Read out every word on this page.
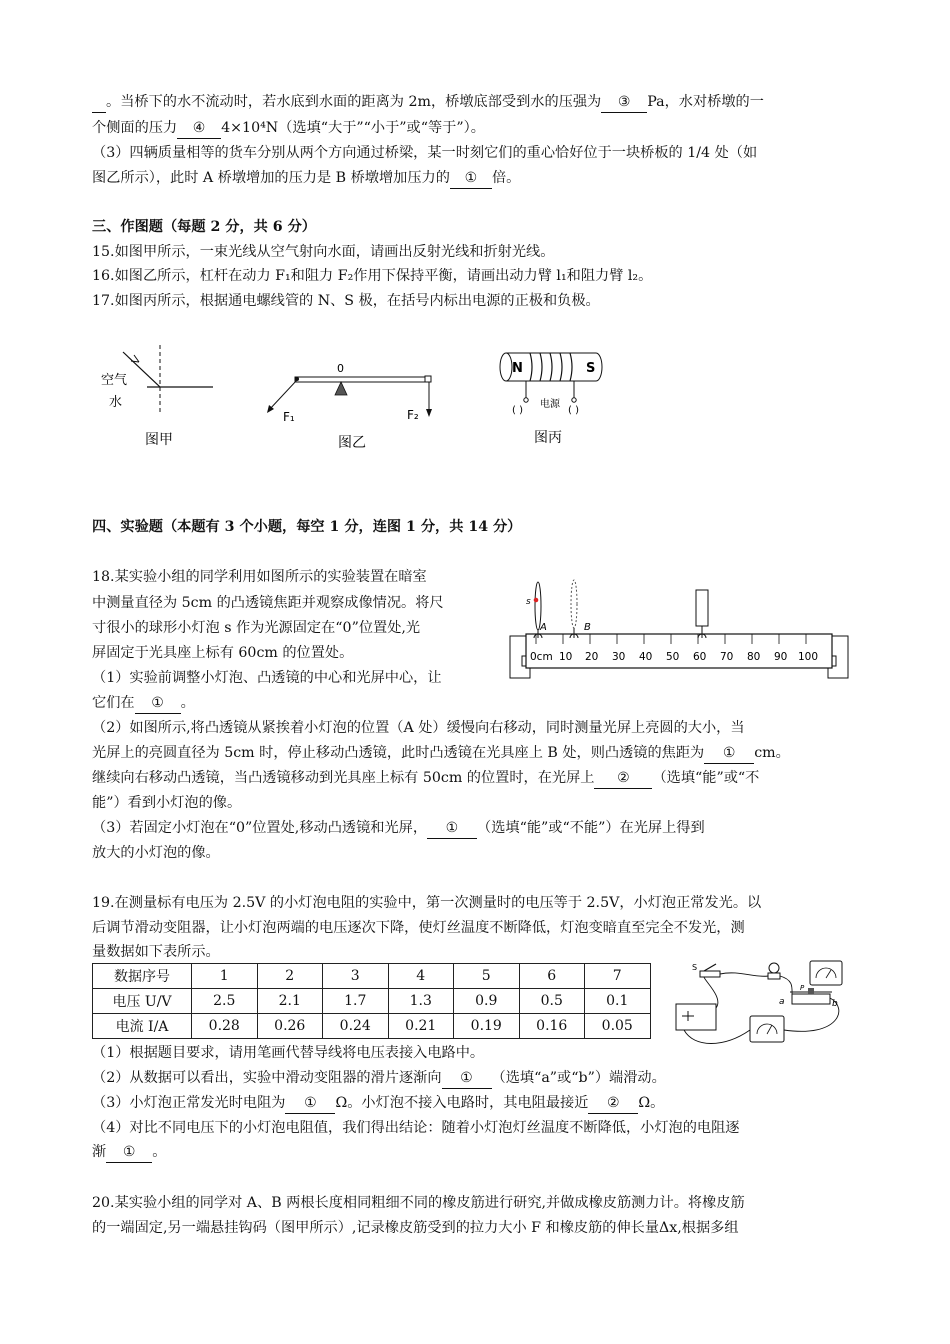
。当桥下的水不流动时，若水底到水面的距离为 2m，桥墩底部受到水的压强为 ③ Pa，水对桥墩的一
个侧面的压力 ④ 4×10⁴N（选填“大于”“小于”或“等于”）。
（3）四辆质量相等的货车分别从两个方向通过桥梁，某一时刻它们的重心恰好位于一块桥板的 1/4 处（如
图乙所示），此时 A 桥墩增加的压力是 B 桥墩增加压力的 ① 倍。
三、作图题（每题 2 分，共 6 分）
15.如图甲所示，一束光线从空气射向水面，请画出反射光线和折射光线。
16.如图乙所示，杠杆在动力 F₁和阻力 F₂作用下保持平衡，请画出动力臂 l₁和阻力臂 l₂。
17.如图丙所示，根据通电螺线管的 N、S 极，在括号内标出电源的正极和负极。
空气
水
图甲
0
F₁	F₂
图乙
N	S
( )
电源
( )
图丙
四、实验题（本题有 3 个小题，每空 1 分，连图 1 分，共 14 分）
18.某实验小组的同学利用如图所示的实验装置在暗室
中测量直径为 5cm 的凸透镜焦距并观察成像情况。将尺
寸很小的球形小灯泡 s 作为光源固定在“0”位置处,光
屏固定于光具座上标有 60cm 的位置处。
（1）实验前调整小灯泡、凸透镜的中心和光屏中心，让
它们在 ① 。
0cm 10 20 30 40 50 60 70 80 90 100
s
A	B
（2）如图所示,将凸透镜从紧挨着小灯泡的位置（A 处）缓慢向右移动，同时测量光屏上亮圆的大小，当
光屏上的亮圆直径为 5cm 时，停止移动凸透镜，此时凸透镜在光具座上 B 处，则凸透镜的焦距为 ① cm。
继续向右移动凸透镜，当凸透镜移动到光具座上标有 50cm 的位置时，在光屏上 ② （选填“能”或“不
能”）看到小灯泡的像。
（3）若固定小灯泡在“0”位置处,移动凸透镜和光屏， ① （选填“能”或“不能”）在光屏上得到
放大的小灯泡的像。
19.在测量标有电压为 2.5V 的小灯泡电阻的实验中，第一次测量时的电压等于 2.5V，小灯泡正常发光。以
后调节滑动变阻器，让小灯泡两端的电压逐次下降，使灯丝温度不断降低，灯泡变暗直至完全不发光，测
量数据如下表所示。
数据序号	1	2	3	4	5	6	7
电压 U/V	2.5	2.1	1.7	1.3	0.9	0.5	0.1
电流 I/A	0.28	0.26	0.24	0.21	0.19	0.16	0.05
S
P
a	b
（1）根据题目要求，请用笔画代替导线将电压表接入电路中。
（2）从数据可以看出，实验中滑动变阻器的滑片逐渐向 ① （选填“a”或“b”）端滑动。
（3）小灯泡正常发光时电阻为 ① Ω。小灯泡不接入电路时，其电阻最接近 ② Ω。
（4）对比不同电压下的小灯泡电阻值，我们得出结论：随着小灯泡灯丝温度不断降低，小灯泡的电阻逐
渐 ① 。
20.某实验小组的同学对 A、B 两根长度相同粗细不同的橡皮筋进行研究,并做成橡皮筋测力计。将橡皮筋
的一端固定,另一端悬挂钩码（图甲所示）,记录橡皮筋受到的拉力大小 F 和橡皮筋的伸长量Δx,根据多组
